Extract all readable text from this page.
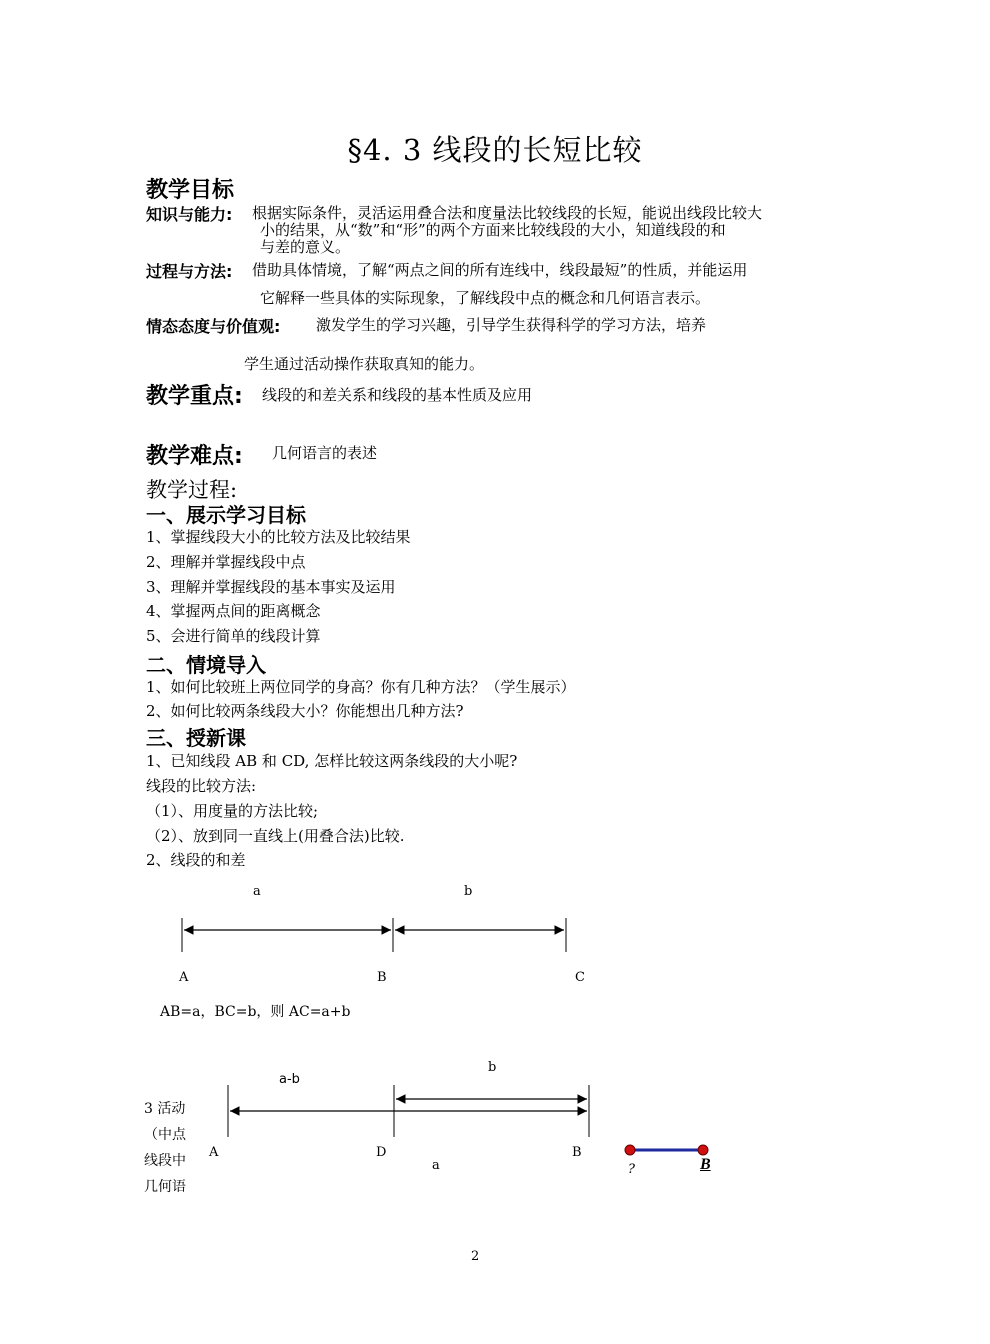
§4. 3 线段的长短比较
教学目标
知识与能力: 根据实际条件，灵活运用叠合法和度量法比较线段的长短，能说出线段比较大
小的结果，从“数”和“形”的两个方面来比较线段的大小，知道线段的和
与差的意义。
过程与方法: 借助具体情境，了解“两点之间的所有连线中，线段最短”的性质，并能运用
它解释一些具体的实际现象，了解线段中点的概念和几何语言表示。
情态态度与价值观: 激发学生的学习兴趣，引导学生获得科学的学习方法，培养
学生通过活动操作获取真知的能力。
教学重点: 线段的和差关系和线段的基本性质及应用
教学难点: 几何语言的表述
教学过程:
一、展示学习目标
1、掌握线段大小的比较方法及比较结果
2、理解并掌握线段中点
3、理解并掌握线段的基本事实及运用
4、掌握两点间的距离概念
5、会进行简单的线段计算
二、情境导入
1、如何比较班上两位同学的身高？你有几种方法？（学生展示）
2、如何比较两条线段大小？你能想出几种方法?
三、授新课
1、已知线段 AB 和 CD, 怎样比较这两条线段的大小呢?
线段的比较方法:
（1）、用度量的方法比较;
（2）、放到同一直线上(用叠合法)比较.
2、线段的和差
a	b
A	B	C
AB=a，BC=b，则 AC=a+b
3 活动
（中点
线段中
几何语
a-b
b
A	D	B
a	?	B
2
